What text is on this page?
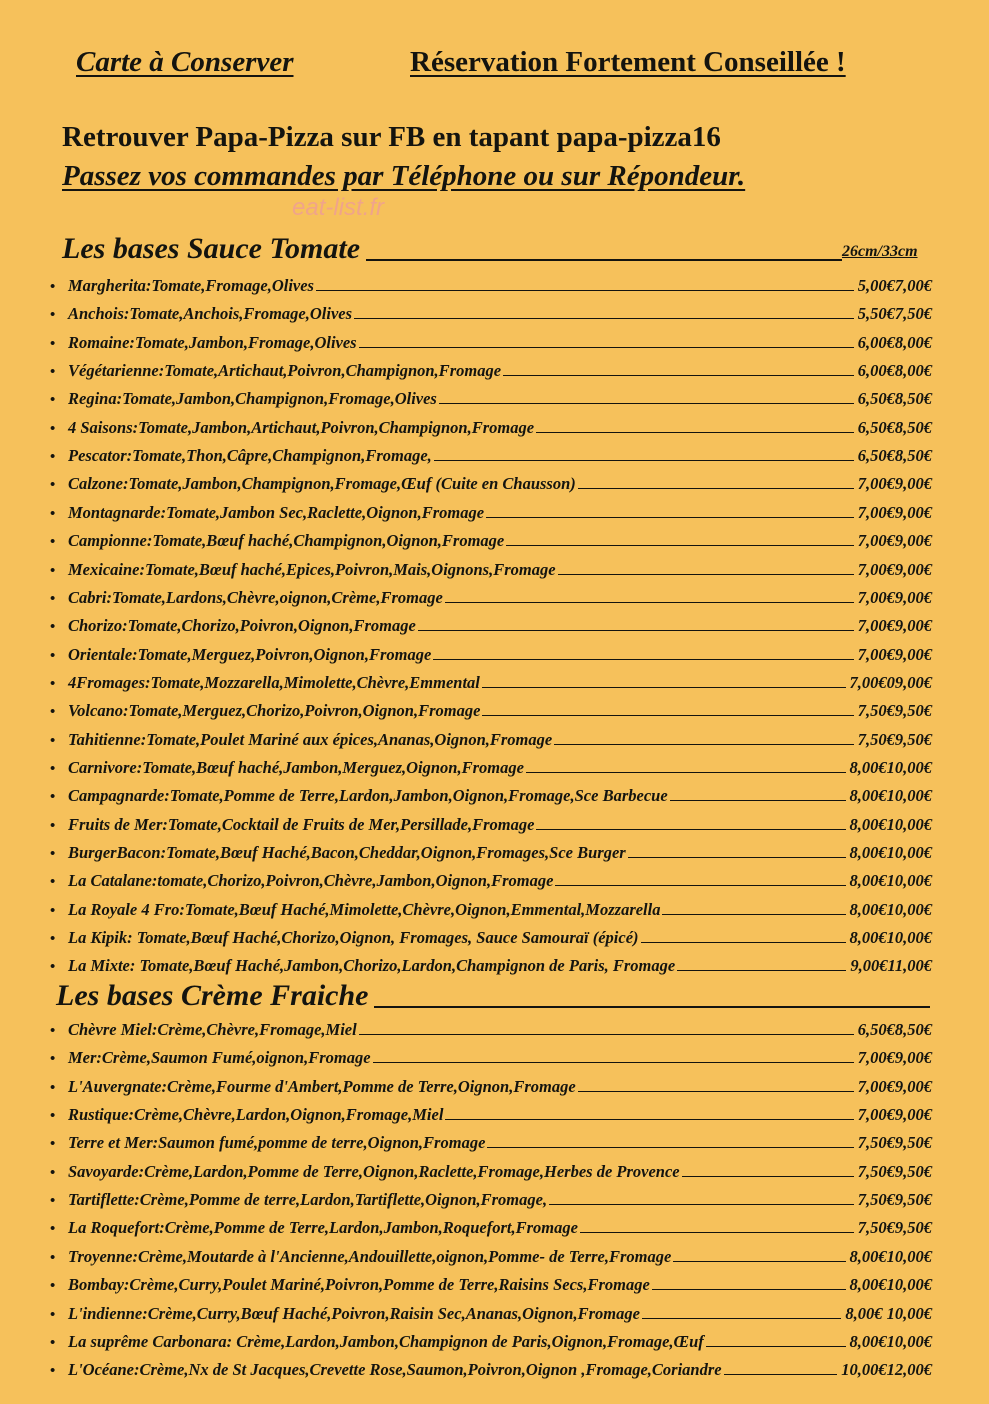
Carte à Conserver	Réservation Fortement Conseillée !
Retrouver Papa-Pizza sur FB en tapant papa-pizza16
Passez vos commandes par Téléphone ou sur Répondeur.
eat-list.fr
Les bases Sauce Tomate	26cm/33cm
• Margherita:Tomate,Fromage,Olives	5,00€7,00€
• Anchois:Tomate,Anchois,Fromage,Olives	5,50€7,50€
• Romaine:Tomate,Jambon,Fromage,Olives	6,00€8,00€
• Végétarienne:Tomate,Artichaut,Poivron,Champignon,Fromage	6,00€8,00€
• Regina:Tomate,Jambon,Champignon,Fromage,Olives	6,50€8,50€
• 4 Saisons:Tomate,Jambon,Artichaut,Poivron,Champignon,Fromage	6,50€8,50€
• Pescator:Tomate,Thon,Câpre,Champignon,Fromage,	6,50€8,50€
• Calzone:Tomate,Jambon,Champignon,Fromage,Œuf (Cuite en Chausson)	7,00€9,00€
• Montagnarde:Tomate,Jambon Sec,Raclette,Oignon,Fromage	7,00€9,00€
• Campionne:Tomate,Bœuf haché,Champignon,Oignon,Fromage	7,00€9,00€
• Mexicaine:Tomate,Bœuf haché,Epices,Poivron,Mais,Oignons,Fromage	7,00€9,00€
• Cabri:Tomate,Lardons,Chèvre,oignon,Crème,Fromage	7,00€9,00€
• Chorizo:Tomate,Chorizo,Poivron,Oignon,Fromage	7,00€9,00€
• Orientale:Tomate,Merguez,Poivron,Oignon,Fromage	7,00€9,00€
• 4Fromages:Tomate,Mozzarella,Mimolette,Chèvre,Emmental	7,00€09,00€
• Volcano:Tomate,Merguez,Chorizo,Poivron,Oignon,Fromage	7,50€9,50€
• Tahitienne:Tomate,Poulet Mariné aux épices,Ananas,Oignon,Fromage	7,50€9,50€
• Carnivore:Tomate,Bœuf haché,Jambon,Merguez,Oignon,Fromage	8,00€10,00€
• Campagnarde:Tomate,Pomme de Terre,Lardon,Jambon,Oignon,Fromage,Sce Barbecue	8,00€10,00€
• Fruits de Mer:Tomate,Cocktail de Fruits de Mer,Persillade,Fromage	8,00€10,00€
• BurgerBacon:Tomate,Bœuf Haché,Bacon,Cheddar,Oignon,Fromages,Sce Burger	8,00€10,00€
• La Catalane:tomate,Chorizo,Poivron,Chèvre,Jambon,Oignon,Fromage	8,00€10,00€
• La Royale 4 Fro:Tomate,Bœuf Haché,Mimolette,Chèvre,Oignon,Emmental,Mozzarella	8,00€10,00€
• La Kipik: Tomate,Bœuf Haché,Chorizo,Oignon, Fromages, Sauce Samouraï (épicé)	8,00€10,00€
• La Mixte: Tomate,Bœuf Haché,Jambon,Chorizo,Lardon,Champignon de Paris, Fromage	9,00€11,00€
Les bases Crème Fraiche
• Chèvre Miel:Crème,Chèvre,Fromage,Miel	6,50€8,50€
• Mer:Crème,Saumon Fumé,oignon,Fromage	7,00€9,00€
• L'Auvergnate:Crème,Fourme d'Ambert,Pomme de Terre,Oignon,Fromage	7,00€9,00€
• Rustique:Crème,Chèvre,Lardon,Oignon,Fromage,Miel	7,00€9,00€
• Terre et Mer:Saumon fumé,pomme de terre,Oignon,Fromage	7,50€9,50€
• Savoyarde:Crème,Lardon,Pomme de Terre,Oignon,Raclette,Fromage,Herbes de Provence	7,50€9,50€
• Tartiflette:Crème,Pomme de terre,Lardon,Tartiflette,Oignon,Fromage,	7,50€9,50€
• La Roquefort:Crème,Pomme de Terre,Lardon,Jambon,Roquefort,Fromage	7,50€9,50€
• Troyenne:Crème,Moutarde à l'Ancienne,Andouillette,oignon,Pomme- de Terre,Fromage	8,00€10,00€
• Bombay:Crème,Curry,Poulet Mariné,Poivron,Pomme de Terre,Raisins Secs,Fromage	8,00€10,00€
• L'indienne:Crème,Curry,Bœuf Haché,Poivron,Raisin Sec,Ananas,Oignon,Fromage	8,00€ 10,00€
• La suprême Carbonara: Crème,Lardon,Jambon,Champignon de Paris,Oignon,Fromage,Œuf	8,00€10,00€
• L'Océane:Crème,Nx de St Jacques,Crevette Rose,Saumon,Poivron,Oignon ,Fromage,Coriandre	10,00€12,00€
